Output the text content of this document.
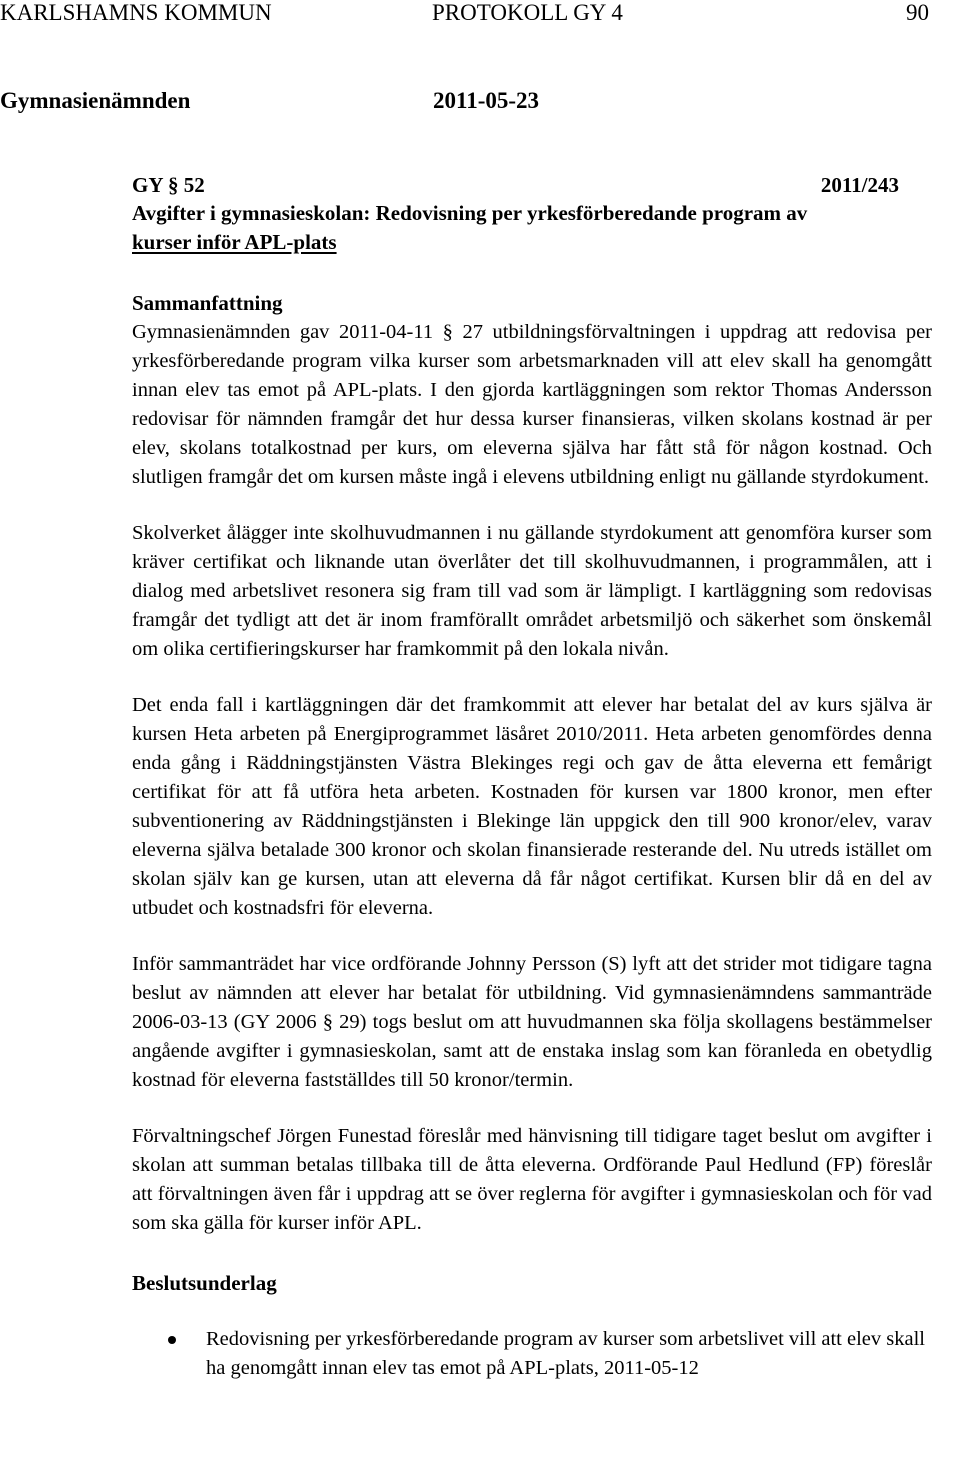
KARLSHAMNS KOMMUN	PROTOKOLL GY 4	90
Gymnasienämnden	2011-05-23
GY § 52	2011/243
Avgifter i gymnasieskolan: Redovisning per yrkesförberedande program av
kurser inför APL-plats
Sammanfattning

Gymnasienämnden gav 2011-04-11 § 27 utbildningsförvaltningen i uppdrag att redovisa per yrkesförberedande program vilka kurser som arbetsmarknaden vill att elev skall ha genomgått innan elev tas emot på APL-plats. I den gjorda kartläggningen som rektor Thomas Andersson redovisar för nämnden framgår det hur dessa kurser finansieras, vilken skolans kostnad är per elev, skolans totalkostnad per kurs, om eleverna själva har fått stå för någon kostnad. Och slutligen framgår det om kursen måste ingå i elevens utbildning enligt nu gällande styrdokument.

Skolverket ålägger inte skolhuvudmannen i nu gällande styrdokument att genomföra kurser som kräver certifikat och liknande utan överlåter det till skolhuvudmannen, i programmålen, att i dialog med arbetslivet resonera sig fram till vad som är lämpligt. I kartläggning som redovisas framgår det tydligt att det är inom framförallt området arbetsmiljö och säkerhet som önskemål om olika certifieringskurser har framkommit på den lokala nivån.

Det enda fall i kartläggningen där det framkommit att elever har betalat del av kurs själva är kursen Heta arbeten på Energiprogrammet läsåret 2010/2011. Heta arbeten genomfördes denna enda gång i Räddningstjänsten Västra Blekinges regi och gav de åtta eleverna ett femårigt certifikat för att få utföra heta arbeten. Kostnaden för kursen var 1800 kronor, men efter subventionering av Räddningstjänsten i Blekinge län uppgick den till 900 kronor/elev, varav eleverna själva betalade 300 kronor och skolan finansierade resterande del. Nu utreds istället om skolan själv kan ge kursen, utan att eleverna då får något certifikat. Kursen blir då en del av utbudet och kostnadsfri för eleverna.

Inför sammanträdet har vice ordförande Johnny Persson (S) lyft att det strider mot tidigare tagna beslut av nämnden att elever har betalat för utbildning. Vid gymnasienämndens sammanträde 2006-03-13 (GY 2006 § 29) togs beslut om att huvudmannen ska följa skollagens bestämmelser angående avgifter i gymnasieskolan, samt att de enstaka inslag som kan föranleda en obetydlig kostnad för eleverna fastställdes till 50 kronor/termin.

Förvaltningschef Jörgen Funestad föreslår med hänvisning till tidigare taget beslut om avgifter i skolan att summan betalas tillbaka till de åtta eleverna. Ordförande Paul Hedlund (FP) föreslår att förvaltningen även får i uppdrag att se över reglerna för avgifter i gymnasieskolan och för vad som ska gälla för kurser inför APL.

Beslutsunderlag
Redovisning per yrkesförberedande program av kurser som arbetslivet vill att elev skall ha genomgått innan elev tas emot på APL-plats, 2011-05-12
